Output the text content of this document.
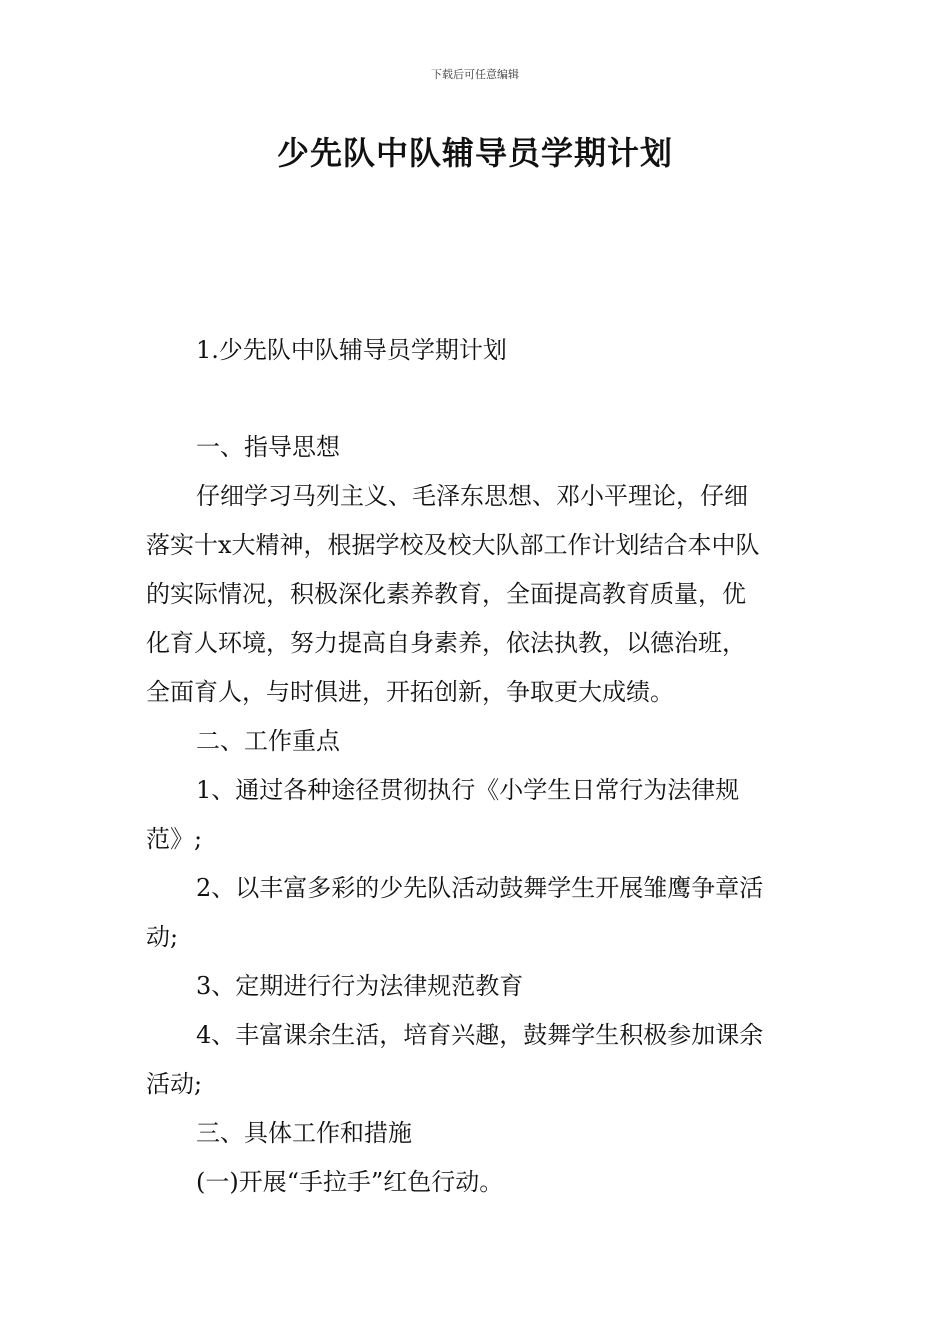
下载后可任意编辑
少先队中队辅导员学期计划

1.少先队中队辅导员学期计划

一、指导思想

仔细学习马列主义、毛泽东思想、邓小平理论，仔细

落实十x大精神，根据学校及校大队部工作计划结合本中队

的实际情况，积极深化素养教育，全面提高教育质量，优

化育人环境，努力提高自身素养，依法执教，以德治班，

全面育人，与时俱进，开拓创新，争取更大成绩。

二、工作重点

1、通过各种途径贯彻执行《小学生日常行为法律规

范》;

2、以丰富多彩的少先队活动鼓舞学生开展雏鹰争章活

动;

3、定期进行行为法律规范教育

4、丰富课余生活，培育兴趣，鼓舞学生积极参加课余

活动;

三、具体工作和措施

(一)开展“手拉手”红色行动。
